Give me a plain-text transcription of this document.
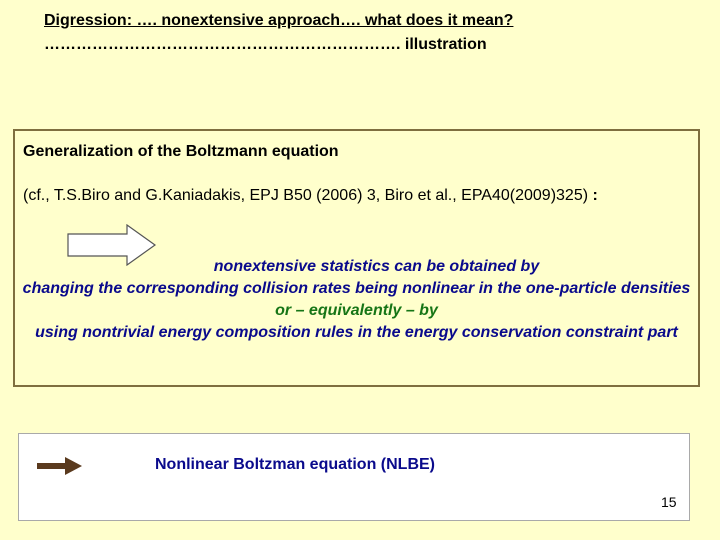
Digression: …. nonextensive approach…. what does it mean?
…………………………………………………………. illustration
Generalization of the Boltzmann equation
(cf., T.S.Biro and G.Kaniadakis, EPJ B50 (2006) 3, Biro et al., EPA40(2009)325) :
nonextensive statistics can be obtained by
changing the corresponding collision rates being nonlinear in the one-particle densities
or – equivalently – by
using nontrivial energy composition rules in the energy conservation constraint part
Nonlinear Boltzman equation (NLBE)
15
